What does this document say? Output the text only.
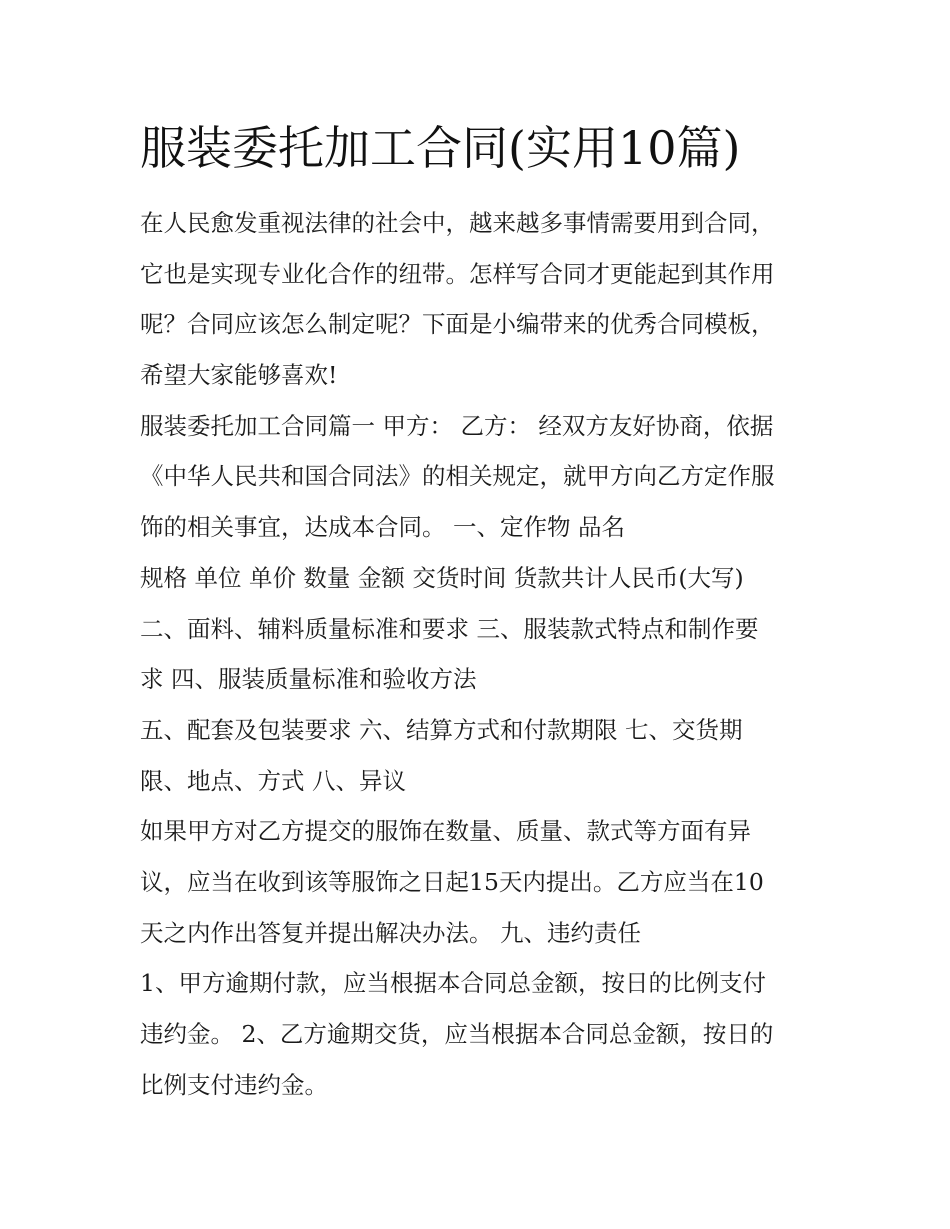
服装委托加工合同(实用10篇)
在人民愈发重视法律的社会中，越来越多事情需要用到合同，
它也是实现专业化合作的纽带。怎样写合同才更能起到其作用
呢？合同应该怎么制定呢？下面是小编带来的优秀合同模板，
希望大家能够喜欢!
服装委托加工合同篇一 甲方： 乙方： 经双方友好协商，依据
《中华人民共和国合同法》的相关规定，就甲方向乙方定作服
饰的相关事宜，达成本合同。 一、定作物 品名
规格 单位 单价 数量 金额 交货时间 货款共计人民币(大写)
二、面料、辅料质量标准和要求 三、服装款式特点和制作要
求 四、服装质量标准和验收方法
五、配套及包装要求 六、结算方式和付款期限 七、交货期
限、地点、方式 八、异议
如果甲方对乙方提交的服饰在数量、质量、款式等方面有异
议，应当在收到该等服饰之日起15天内提出。乙方应当在10
天之内作出答复并提出解决办法。 九、违约责任
1、甲方逾期付款，应当根据本合同总金额，按日的比例支付
违约金。 2、乙方逾期交货，应当根据本合同总金额，按日的
比例支付违约金。
